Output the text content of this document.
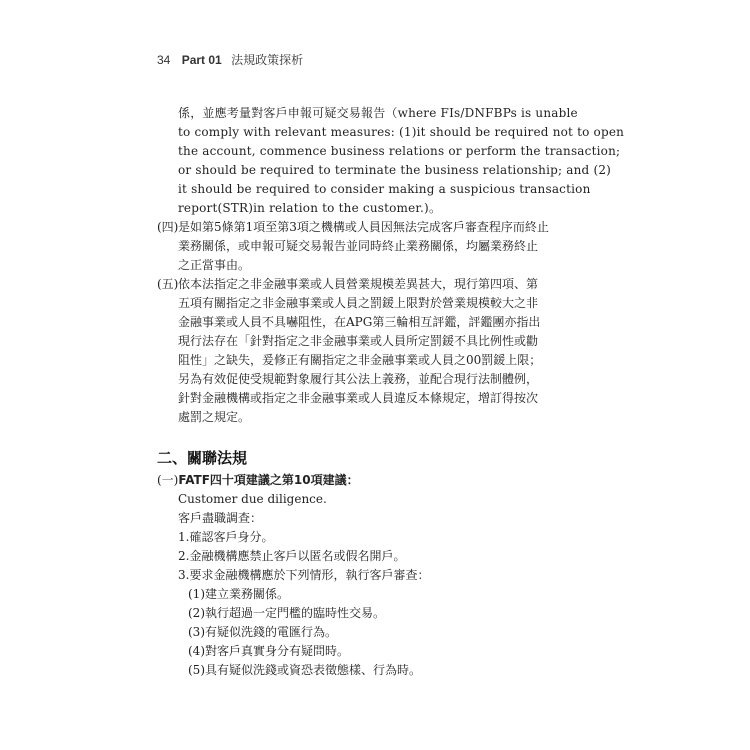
34 Part 01 法規政策探析
係，並應考量對客戶申報可疑交易報告（where FIs/DNFBPs is unable
to comply with relevant measures: (1)it should be required not to open
the account, commence business relations or perform the transaction;
or should be required to terminate the business relationship; and (2)
it should be required to consider making a suspicious transaction
report(STR)in relation to the customer.)。
(四) 是如第5條第1項至第3項之機構或人員因無法完成客戶審查程序而終止
業務關係，或申報可疑交易報告並同時終止業務關係，均屬業務終止
之正當事由。
(五) 依本法指定之非金融事業或人員營業規模差異甚大，現行第四項、第
五項有關指定之非金融事業或人員之罰鍰上限對於營業規模較大之非
金融事業或人員不具嚇阻性，在APG第三輪相互評鑑，評鑑團亦指出
現行法存在「針對指定之非金融事業或人員所定罰鍰不具比例性或勸
阻性」之缺失，爰修正有關指定之非金融事業或人員之00罰鍰上限；
另為有效促使受規範對象履行其公法上義務，並配合現行法制體例，
針對金融機構或指定之非金融事業或人員違反本條規定，增訂得按次
處罰之規定。
二、關聯法規
(一)FATF四十項建議之第10項建議：
Customer due diligence.
客戶盡職調查：
1.確認客戶身分。
2.金融機構應禁止客戶以匿名或假名開戶。
3.要求金融機構應於下列情形，執行客戶審查：
(1)建立業務關係。
(2)執行超過一定門檻的臨時性交易。
(3)有疑似洗錢的電匯行為。
(4)對客戶真實身分有疑問時。
(5)具有疑似洗錢或資恐表徵態樣、行為時。
